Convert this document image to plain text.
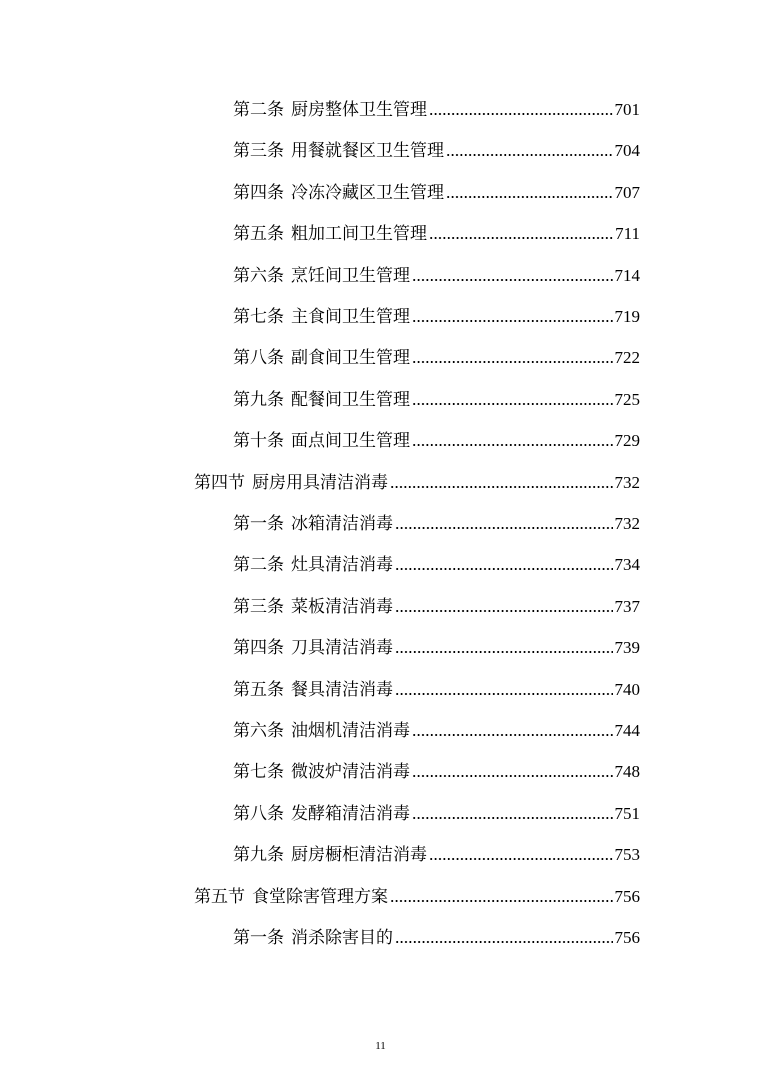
第二条 厨房整体卫生管理	701
第三条 用餐就餐区卫生管理	704
第四条 冷冻冷藏区卫生管理	707
第五条 粗加工间卫生管理	711
第六条 烹饪间卫生管理	714
第七条 主食间卫生管理	719
第八条 副食间卫生管理	722
第九条 配餐间卫生管理	725
第十条 面点间卫生管理	729
第四节 厨房用具清洁消毒	732
第一条 冰箱清洁消毒	732
第二条 灶具清洁消毒	734
第三条 菜板清洁消毒	737
第四条 刀具清洁消毒	739
第五条 餐具清洁消毒	740
第六条 油烟机清洁消毒	744
第七条 微波炉清洁消毒	748
第八条 发酵箱清洁消毒	751
第九条 厨房橱柜清洁消毒	753
第五节 食堂除害管理方案	756
第一条 消杀除害目的	756
11
